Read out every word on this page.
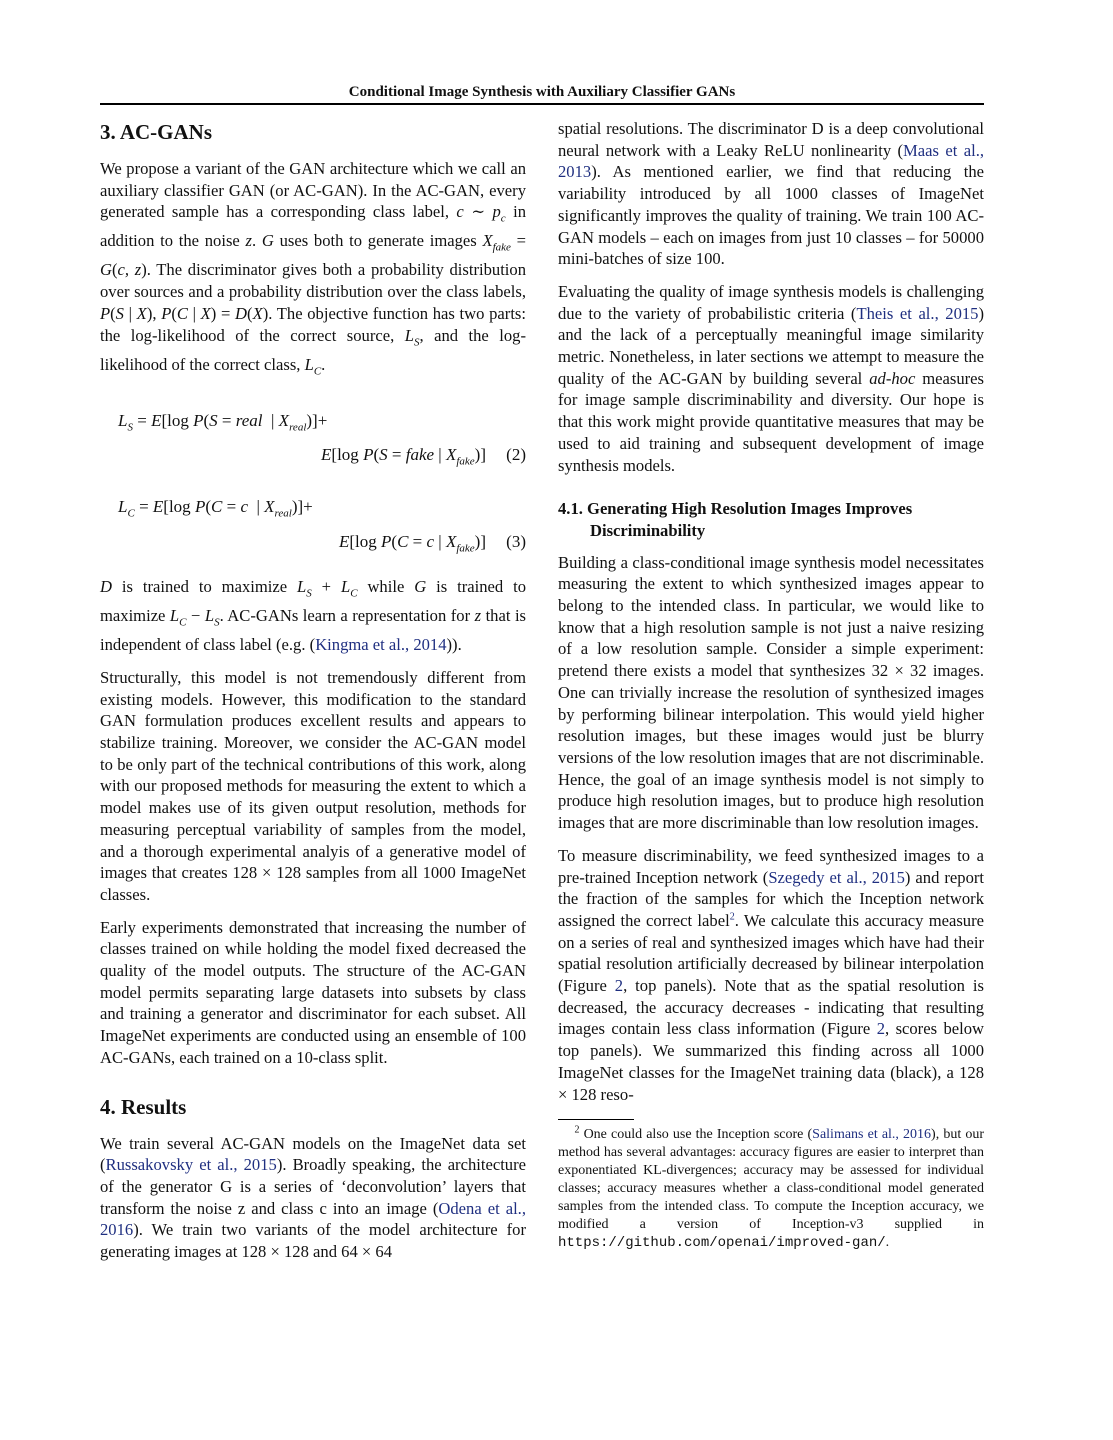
Conditional Image Synthesis with Auxiliary Classifier GANs
3. AC-GANs

We propose a variant of the GAN architecture which we call an auxiliary classifier GAN (or AC-GAN). In the AC-GAN, every generated sample has a corresponding class label, c ∼ $p_c$ in addition to the noise z. G uses both to generate images $X_{fake} = G(c$, z). The discriminator gives both a probability distribution over sources and a probability distribution over the class labels, P(S | X), P(C | X) = D(X). The objective function has two parts: the log-likelihood of the correct source, $L_S$, and the log-likelihood of the correct class, $L_C$.

$L_S = E[\log$ P(S = real  | $X_{real})]+$
E[log P(S = fake | $X_{fake}$)] (2)
$L_C = E[\log$ P(C = c  | $X_{real})]+$
E[log P(C = c | $X_{fake}$)] (3)

D is trained to maximize $L_S + L_C$ while G is trained to maximize $L_C - L_S$. AC-GANs learn a representation for z that is independent of class label (e.g. (Kingma et al., 2014)).

Structurally, this model is not tremendously different from existing models. However, this modification to the standard GAN formulation produces excellent results and appears to stabilize training. Moreover, we consider the AC-GAN model to be only part of the technical contributions of this work, along with our proposed methods for measuring the extent to which a model makes use of its given output resolution, methods for measuring perceptual variability of samples from the model, and a thorough experimental analyis of a generative model of images that creates 128 × 128 samples from all 1000 ImageNet classes.

Early experiments demonstrated that increasing the number of classes trained on while holding the model fixed decreased the quality of the model outputs. The structure of the AC-GAN model permits separating large datasets into subsets by class and training a generator and discriminator for each subset. All ImageNet experiments are conducted using an ensemble of 100 AC-GANs, each trained on a 10-class split.

4. Results

We train several AC-GAN models on the ImageNet data set (Russakovsky et al., 2015). Broadly speaking, the architecture of the generator G is a series of ‘deconvolution’ layers that transform the noise z and class c into an image (Odena et al., 2016). We train two variants of the model architecture for generating images at 128 × 128 and 64 × 64

spatial resolutions. The discriminator D is a deep convolutional neural network with a Leaky ReLU nonlinearity (Maas et al., 2013). As mentioned earlier, we find that reducing the variability introduced by all 1000 classes of ImageNet significantly improves the quality of training. We train 100 AC-GAN models – each on images from just 10 classes – for 50000 mini-batches of size 100.

Evaluating the quality of image synthesis models is challenging due to the variety of probabilistic criteria (Theis et al., 2015) and the lack of a perceptually meaningful image similarity metric. Nonetheless, in later sections we attempt to measure the quality of the AC-GAN by building several ad-hoc measures for image sample discriminability and diversity. Our hope is that this work might provide quantitative measures that may be used to aid training and subsequent development of image synthesis models.

4.1. Generating High Resolution Images Improves Discriminability

Building a class-conditional image synthesis model necessitates measuring the extent to which synthesized images appear to belong to the intended class. In particular, we would like to know that a high resolution sample is not just a naive resizing of a low resolution sample. Consider a simple experiment: pretend there exists a model that synthesizes 32 × 32 images. One can trivially increase the resolution of synthesized images by performing bilinear interpolation. This would yield higher resolution images, but these images would just be blurry versions of the low resolution images that are not discriminable. Hence, the goal of an image synthesis model is not simply to produce high resolution images, but to produce high resolution images that are more discriminable than low resolution images.

To measure discriminability, we feed synthesized images to a pre-trained Inception network (Szegedy et al., 2015) and report the fraction of the samples for which the Inception network assigned the correct label$^2$. We calculate this accuracy measure on a series of real and synthesized images which have had their spatial resolution artificially decreased by bilinear interpolation (Figure 2, top panels). Note that as the spatial resolution is decreased, the accuracy decreases - indicating that resulting images contain less class information (Figure 2, scores below top panels). We summarized this finding across all 1000 ImageNet classes for the ImageNet training data (black), a 128 × 128 reso-

$^2$ One could also use the Inception score (Salimans et al., 2016), but our method has several advantages: accuracy figures are easier to interpret than exponentiated KL-divergences; accuracy may be assessed for individual classes; accuracy measures whether a class-conditional model generated samples from the intended class. To compute the Inception accuracy, we modified a version of Inception-v3 supplied in https://github.com/openai/improved-gan/.
